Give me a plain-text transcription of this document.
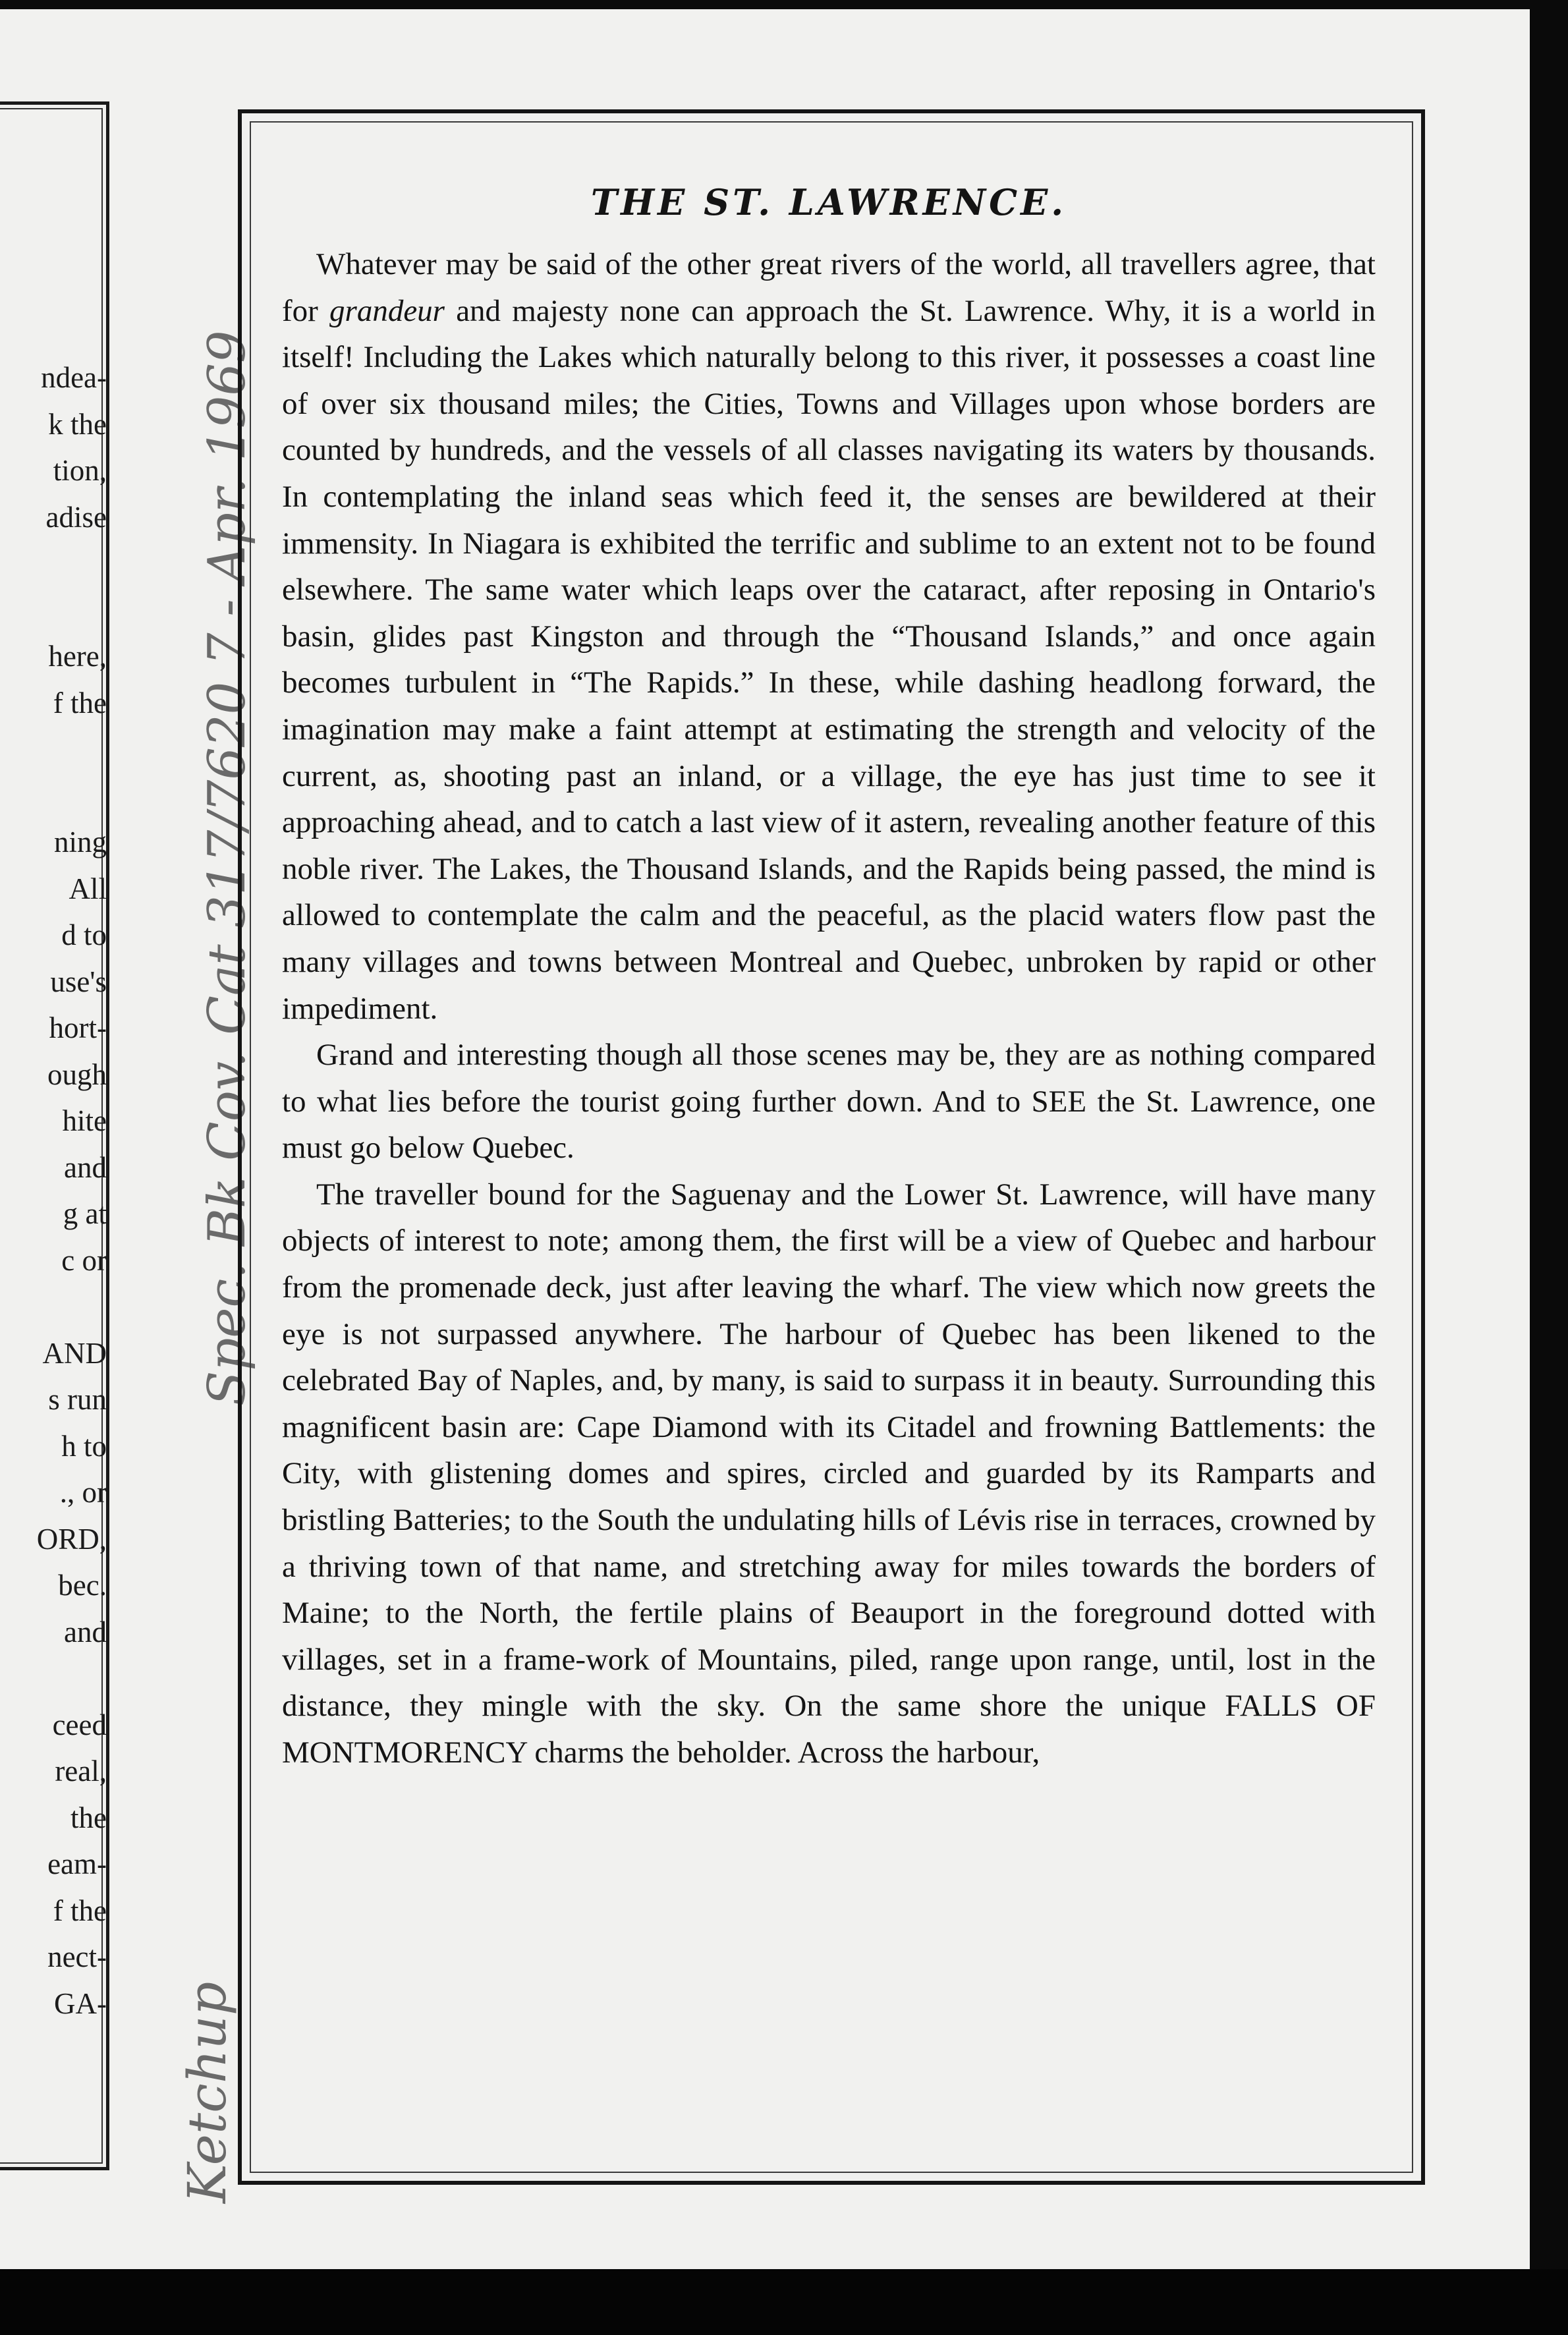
ndea-
k the
tion,
adise
here,
f the
ning
All
d to
use's
hort-
ough
hite
and
g at
c or
AND
s run
h to
., or
ORD,
bec.
and
ceed
real,
the
eam-
f the
nect-
GA-
Spec. Bk Cov. Cat 317/7620 7 - Apr. 1969
Ketchup
THE ST. LAWRENCE.

Whatever may be said of the other great rivers of the world, all travellers agree, that for grandeur and majesty none can approach the St. Lawrence. Why, it is a world in itself! Including the Lakes which naturally belong to this river, it possesses a coast line of over six thousand miles; the Cities, Towns and Villages upon whose borders are counted by hundreds, and the vessels of all classes navigating its waters by thousands. In contemplating the inland seas which feed it, the senses are bewildered at their immensity. In Niagara is exhibited the terrific and sublime to an extent not to be found elsewhere. The same water which leaps over the cataract, after reposing in Ontario's basin, glides past Kingston and through the “Thousand Islands,” and once again becomes turbulent in “The Rapids.” In these, while dashing headlong forward, the imagination may make a faint attempt at estimating the strength and velocity of the current, as, shooting past an inland, or a village, the eye has just time to see it approaching ahead, and to catch a last view of it astern, revealing another feature of this noble river. The Lakes, the Thousand Islands, and the Rapids being passed, the mind is allowed to contemplate the calm and the peaceful, as the placid waters flow past the many villages and towns between Montreal and Quebec, unbroken by rapid or other impediment.

Grand and interesting though all those scenes may be, they are as nothing compared to what lies before the tourist going further down. And to SEE the St. Lawrence, one must go below Quebec.

The traveller bound for the Saguenay and the Lower St. Lawrence, will have many objects of interest to note; among them, the first will be a view of Quebec and harbour from the promenade deck, just after leaving the wharf. The view which now greets the eye is not surpassed anywhere. The harbour of Quebec has been likened to the celebrated Bay of Naples, and, by many, is said to surpass it in beauty. Surrounding this magnificent basin are: Cape Diamond with its Citadel and frowning Battlements: the City, with glistening domes and spires, circled and guarded by its Ramparts and bristling Batteries; to the South the undulating hills of Lévis rise in terraces, crowned by a thriving town of that name, and stretching away for miles towards the borders of Maine; to the North, the fertile plains of Beauport in the foreground dotted with villages, set in a frame-work of Mountains, piled, range upon range, until, lost in the distance, they mingle with the sky. On the same shore the unique FALLS OF MONTMORENCY charms the beholder. Across the harbour,
